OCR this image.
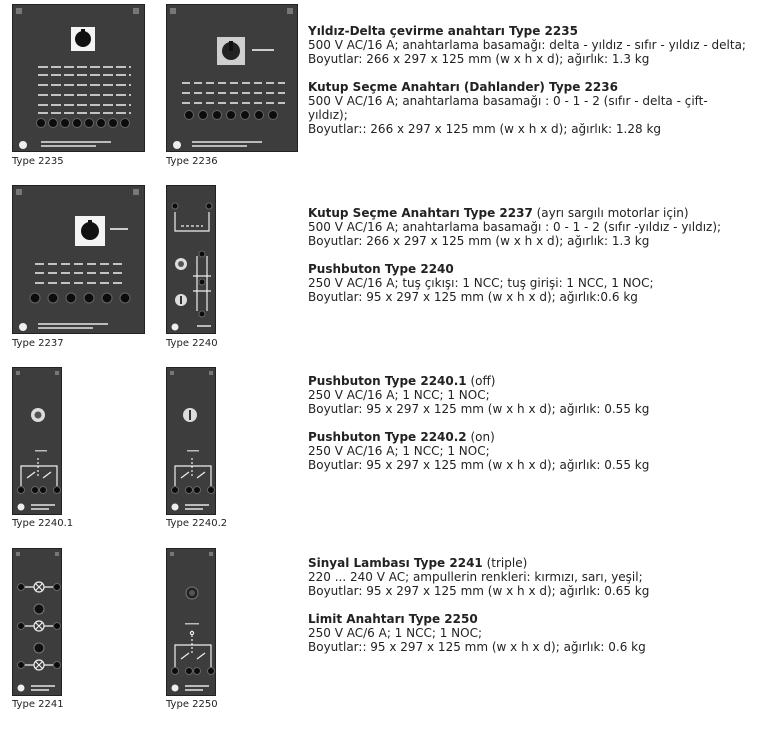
Type 2235	Type 2236
Yıldız-Delta çevirme anahtarı Type 2235
500 V AC/16 A; anahtarlama basamağı: delta - yıldız - sıfır - yıldız - delta;
Boyutlar: 266 x 297 x 125 mm (w x h x d); ağırlık: 1.3 kg
Kutup Seçme Anahtarı (Dahlander) Type 2236
500 V AC/16 A; anahtarlama basamağı : 0 - 1 - 2 (sıfır - delta - çift-yıldız);
Boyutlar:: 266 x 297 x 125 mm (w x h x d); ağırlık: 1.28 kg
Type 2237	Type 2240
Kutup Seçme Anahtarı Type 2237 (ayrı sargılı motorlar için)
500 V AC/16 A; anahtarlama basamağı : 0 - 1 - 2 (sıfır -yıldız - yıldız);
Boyutlar: 266 x 297 x 125 mm (w x h x d); ağırlık: 1.3 kg
Pushbuton Type 2240
250 V AC/16 A; tuş çıkışı: 1 NCC; tuş girişi: 1 NCC, 1 NOC;
Boyutlar: 95 x 297 x 125 mm (w x h x d); ağırlık:0.6 kg
Type 2240.1	Type 2240.2
Pushbuton Type 2240.1 (off)
250 V AC/16 A; 1 NCC; 1 NOC;
Boyutlar: 95 x 297 x 125 mm (w x h x d); ağırlık: 0.55 kg
Pushbuton Type 2240.2 (on)
250 V AC/16 A; 1 NCC; 1 NOC;
Boyutlar: 95 x 297 x 125 mm (w x h x d); ağırlık: 0.55 kg
Type 2241	Type 2250
Sinyal Lambası Type 2241 (triple)
220 ... 240 V AC; ampullerin renkleri: kırmızı, sarı, yeşil;
Boyutlar: 95 x 297 x 125 mm (w x h x d); ağırlık: 0.65 kg
Limit Anahtarı Type 2250
250 V AC/6 A; 1 NCC; 1 NOC;
Boyutlar:: 95 x 297 x 125 mm (w x h x d); ağırlık: 0.6 kg
